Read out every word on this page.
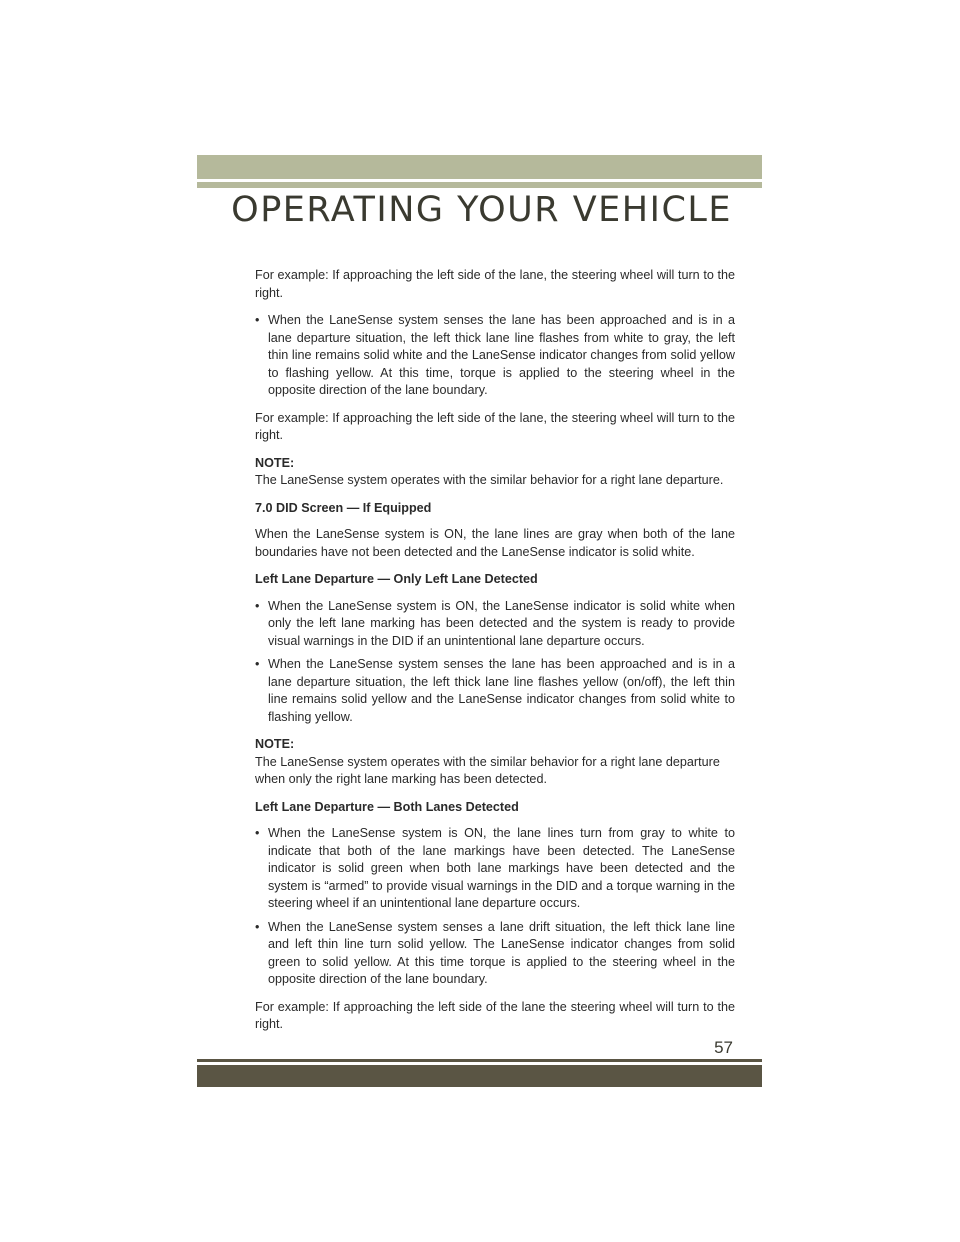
OPERATING YOUR VEHICLE

For example: If approaching the left side of the lane, the steering wheel will turn to the right.

• When the LaneSense system senses the lane has been approached and is in a lane departure situation, the left thick lane line flashes from white to gray, the left thin line remains solid white and the LaneSense indicator changes from solid yellow to flashing yellow. At this time, torque is applied to the steering wheel in the opposite direction of the lane boundary.

For example: If approaching the left side of the lane, the steering wheel will turn to the right.

NOTE:
The LaneSense system operates with the similar behavior for a right lane departure.

7.0 DID Screen — If Equipped

When the LaneSense system is ON, the lane lines are gray when both of the lane boundaries have not been detected and the LaneSense indicator is solid white.

Left Lane Departure — Only Left Lane Detected

• When the LaneSense system is ON, the LaneSense indicator is solid white when only the left lane marking has been detected and the system is ready to provide visual warnings in the DID if an unintentional lane departure occurs.
• When the LaneSense system senses the lane has been approached and is in a lane departure situation, the left thick lane line flashes yellow (on/off), the left thin line remains solid yellow and the LaneSense indicator changes from solid white to flashing yellow.
NOTE:
The LaneSense system operates with the similar behavior for a right lane departure when only the right lane marking has been detected.

Left Lane Departure — Both Lanes Detected

• When the LaneSense system is ON, the lane lines turn from gray to white to indicate that both of the lane markings have been detected. The LaneSense indicator is solid green when both lane markings have been detected and the system is “armed” to provide visual warnings in the DID and a torque warning in the steering wheel if an unintentional lane departure occurs.
• When the LaneSense system senses a lane drift situation, the left thick lane line and left thin line turn solid yellow. The LaneSense indicator changes from solid green to solid yellow. At this time torque is applied to the steering wheel in the opposite direction of the lane boundary.

For example: If approaching the left side of the lane the steering wheel will turn to the right.

57
